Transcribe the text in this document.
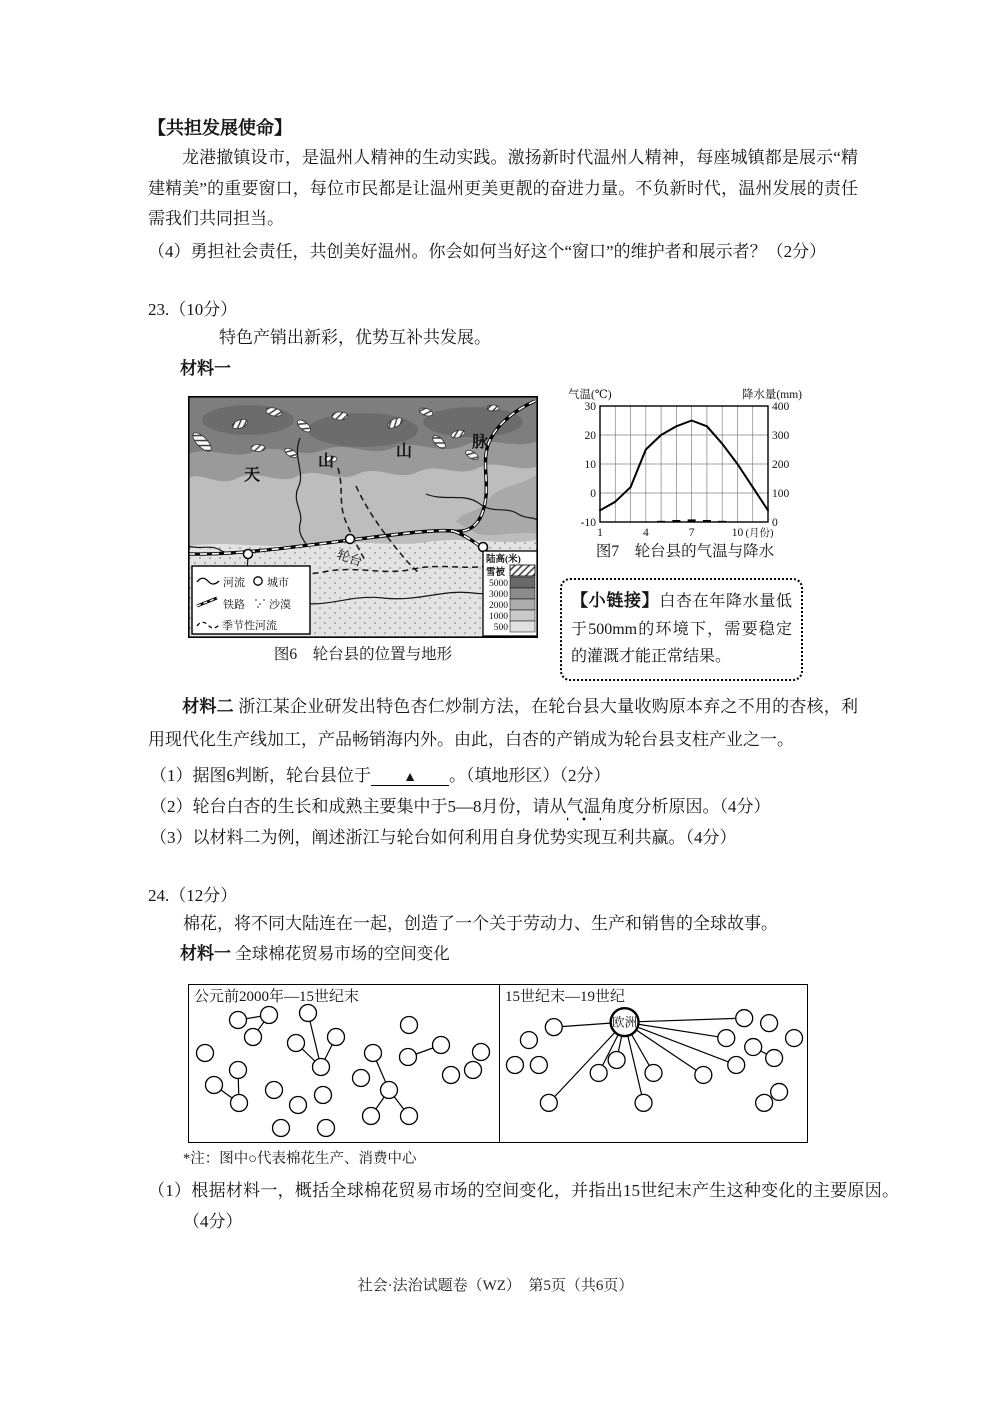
【共担发展使命】
龙港撤镇设市，是温州人精神的生动实践。激扬新时代温州人精神，每座城镇都是展示“精建精美”的重要窗口，每位市民都是让温州更美更靓的奋进力量。不负新时代，温州发展的责任需我们共同担当。
（4）勇担社会责任，共创美好温州。你会如何当好这个“窗口”的维护者和展示者？（2分）
23.（10分）
特色产销出新彩，优势互补共发展。
材料一
天
山
山
脉
轮台
河流 城市
铁路 沙漠
季节性河流
陆高(米)
雪被
5000
3000
2000
1000
500
图6　轮台县的位置与地形
气温(℃)	降水量(mm)
30
20
10
0
-10
400
300
200
100
0
1	4	7	10 (月份)
图7　轮台县的气温与降水
【小链接】白杏在年降水量低于500mm的环境下，需要稳定的灌溉才能正常结果。
材料二 浙江某企业研发出特色杏仁炒制方法，在轮台县大量收购原本弃之不用的杏核，利用现代化生产线加工，产品畅销海内外。由此，白杏的产销成为轮台县支柱产业之一。
（1）据图6判断，轮台县位于 ▲ 。（填地形区）（2分）
（2）轮台白杏的生长和成熟主要集中于5—8月份，请从气温角度分析原因。（4分）
（3）以材料二为例，阐述浙江与轮台如何利用自身优势实现互利共赢。（4分）
24.（12分）
棉花，将不同大陆连在一起，创造了一个关于劳动力、生产和销售的全球故事。
材料一 全球棉花贸易市场的空间变化
欧洲
公元前2000年—15世纪末	15世纪末—19世纪
*注：图中○代表棉花生产、消费中心
（1）根据材料一，概括全球棉花贸易市场的空间变化，并指出15世纪末产生这种变化的主要原因。（4分）
社会·法治试题卷（WZ）　第5页（共6页）
